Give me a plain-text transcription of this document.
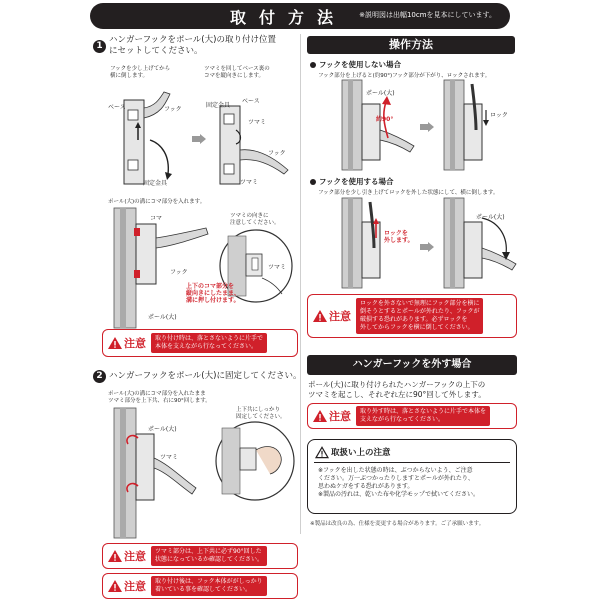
取付方法 ※説明図は出幅10cmを見本にしています。
1
ハンガーフックをポール(大)の取り付け位置
にセットしてください。
フックを少し上げてから
横に倒します。
ツマミを回してベース裏の
コマを縦向きにします。
ベース	フック
固定金具
固定金具
ベース
ツマミ
フック
ツマミ
ポール(大)の溝にコマ部分を入れます。
コマ
フック
ポール(大)
ツマミの向きに
注意してください。
ツマミ
上下のコマ部分を
縦向きにしたまま、
溝に押し付けます。
注意 取り付け時は、落とさないように片手で
本体を支えながら行なってください。
2 ハンガーフックをポール(大)に固定してください。
ポール(大)の溝にコマ部分を入れたまま
ツマミ部分を上下共、右に90°回します。
ポール(大)
ツマミ
上下共にしっかり
固定してください。
注意 ツマミ部分は、上下共に必ず90°回した
状態になっているか確認してください。
注意 取り付け後は、フック本体ががしっかり
着いている事を確認してください。
操作方法
フックを使用しない場合
フック部分を上げると(約90°)フック部分が下がり、ロックされます。
ポール(大)
約90°
ロック
フックを使用する場合
フック部分を少し引き上げてロックを外した状態にして、横に倒します。
ロックを
外します。
ポール(大)
注意
ロックを外さないで無理にフック部分を横に
倒そうとするとポールが外れたり、フックが
破損する恐れがあります。必ずロックを
外してからフックを横に倒してください。
ハンガーフックを外す場合
ポール(大)に取り付けられたハンガーフックの上下の
ツマミを起こし、それぞれ左に90°回して外します。
注意 取り外す時は、落とさないように片手で本体を
支えながら行なってください。
取扱い上の注意
※フックを出した状態の時は、ぶつからないよう、ご注意
ください。万一ぶつかったりしますとポールが外れたり、
思わぬケガをする恐れがあります。
※製品の汚れは、乾いた布や化学モップで拭いてください。
※製品は改良の為、仕様を変更する場合があります。ご了承願います。
